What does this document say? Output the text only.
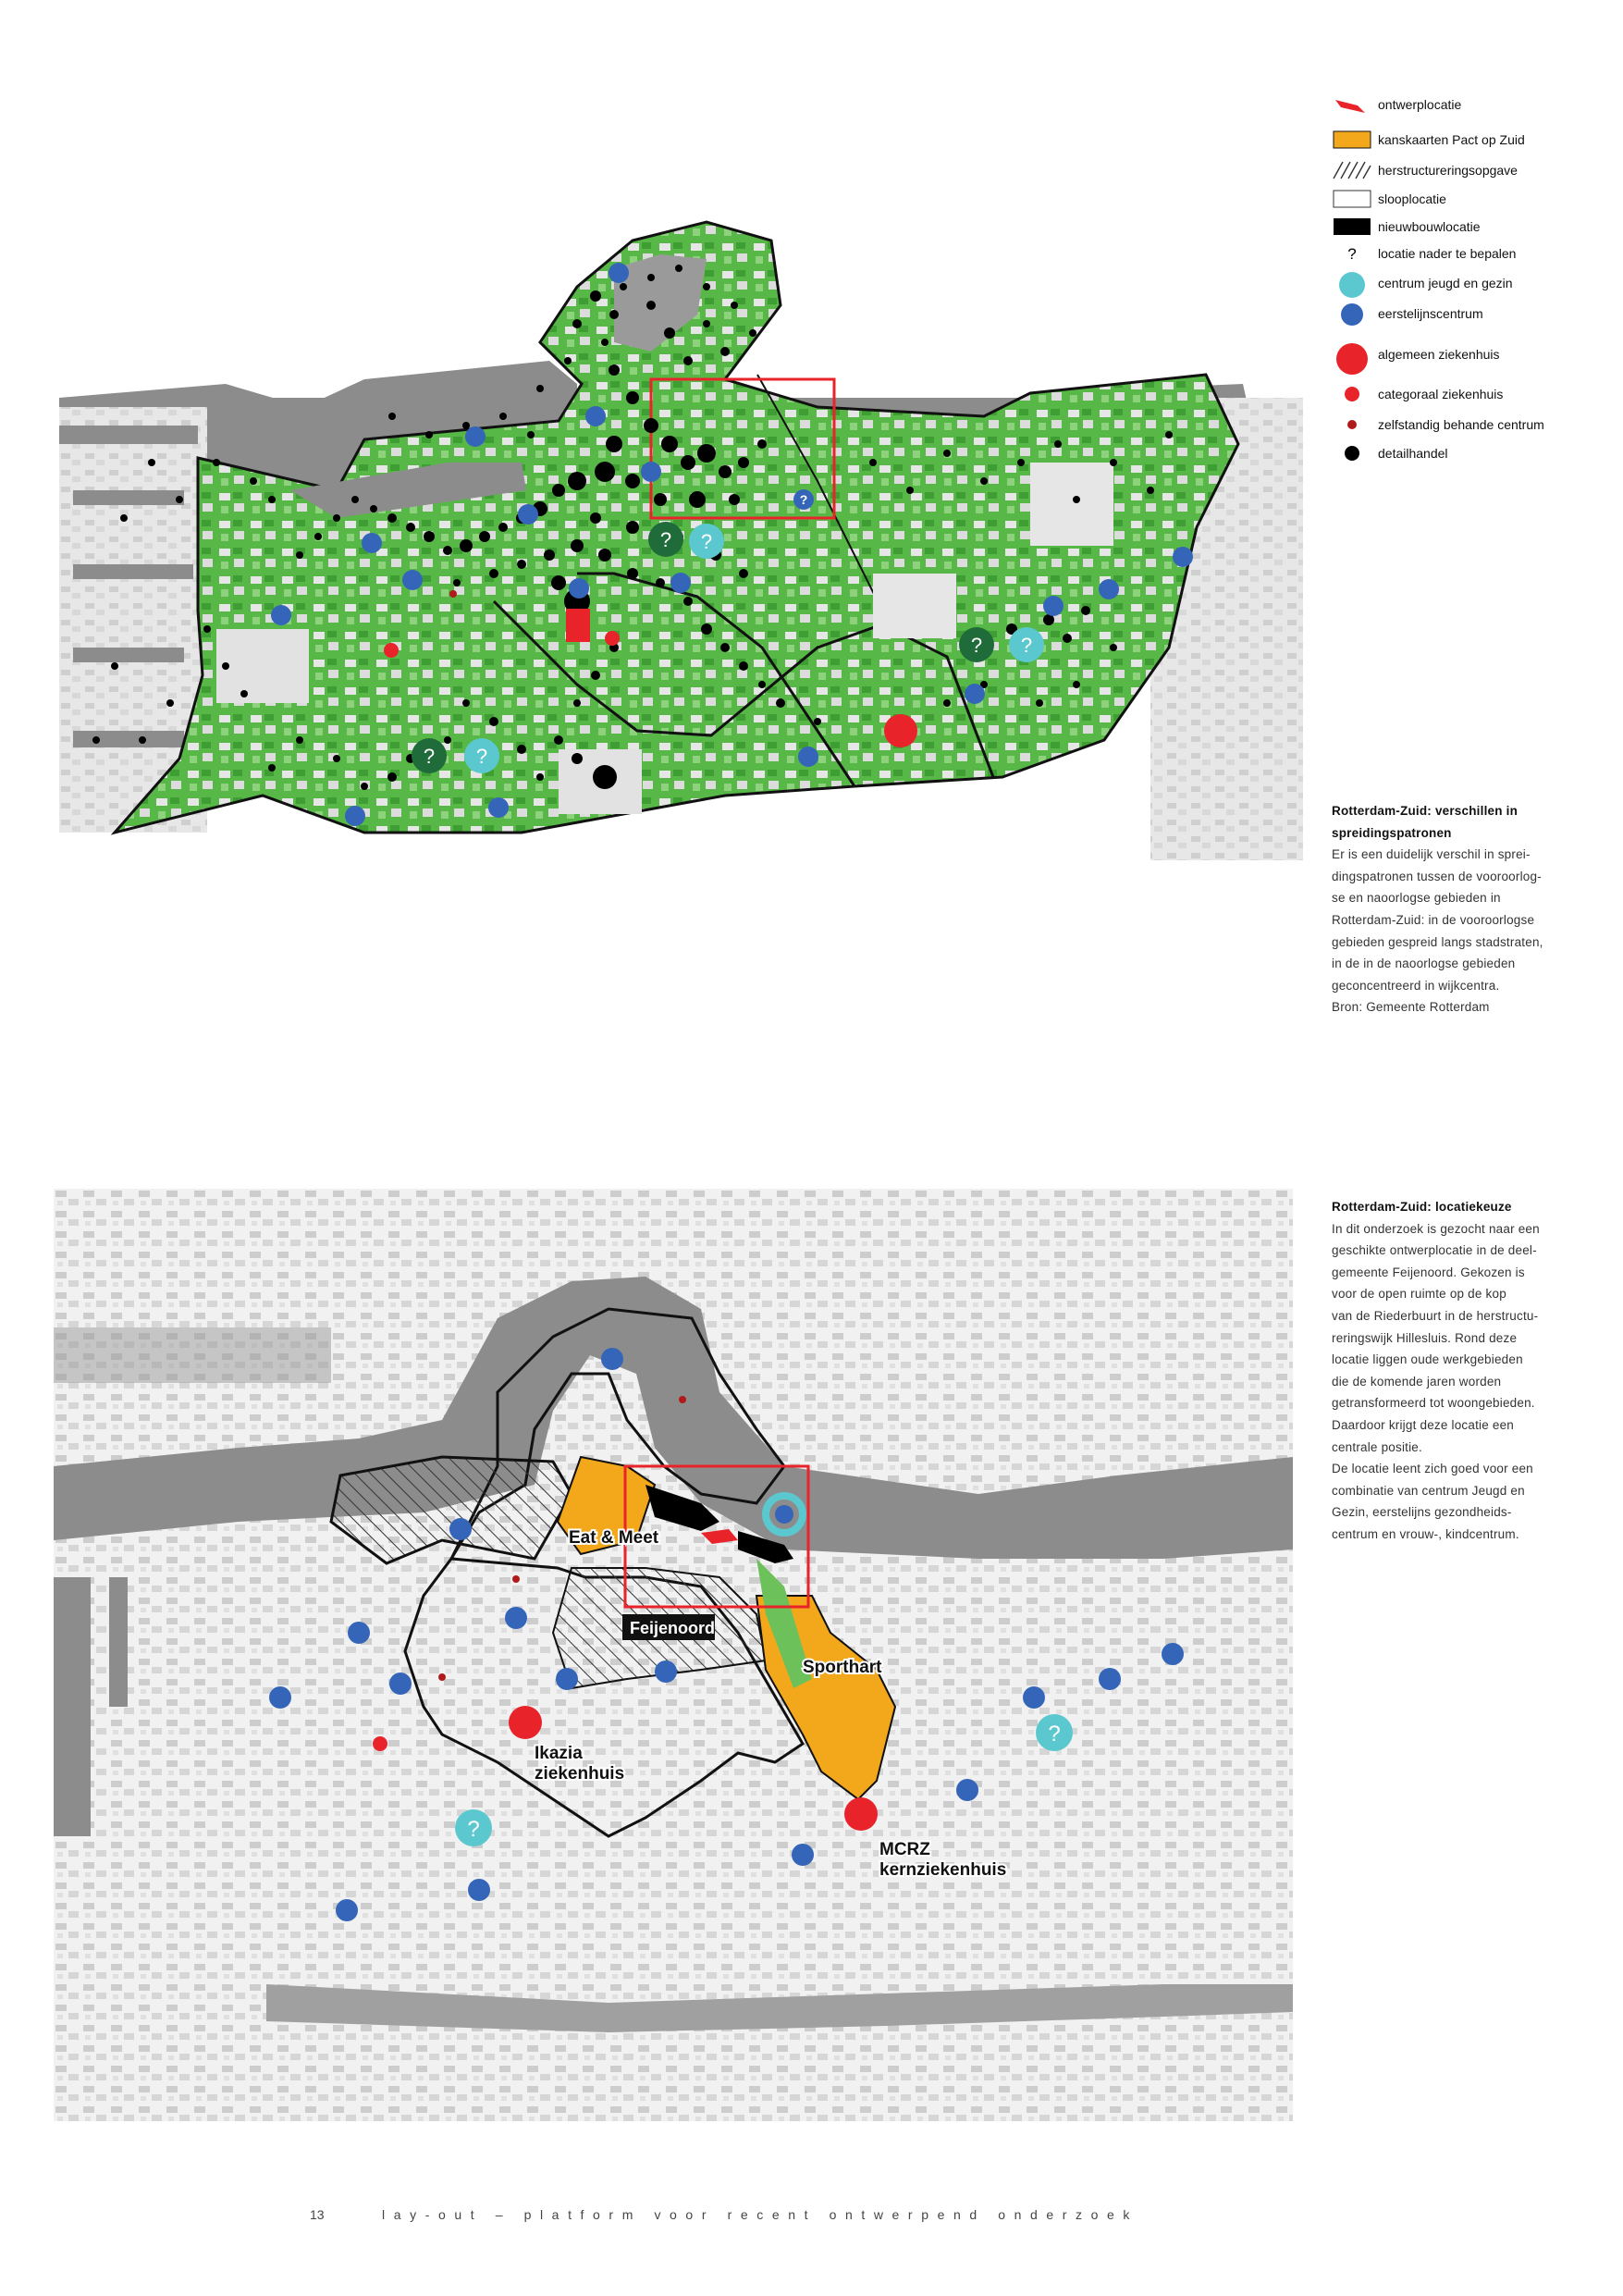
?
? ?
? ?
? ?
ontwerplocatie
kanskaarten Pact op Zuid
herstructureringsopgave
slooplocatie
nieuwbouwlocatie
? locatie nader te bepalen
centrum jeugd en gezin
eerstelijnscentrum
algemeen ziekenhuis
categoraal ziekenhuis
zelfstandig behande centrum
detailhandel

Rotterdam-Zuid: verschillen in

spreidingspatronen

Er is een duidelijk verschil in sprei-

dingspatronen tussen de vooroorlog-

se en naoorlogse gebieden in

Rotterdam-Zuid: in de vooroorlogse

gebieden gespreid langs stadstraten,

in de in de naoorlogse gebieden

geconcentreerd in wijkcentra.

Bron: Gemeente Rotterdam

?
?
Eat & Meet
Sporthart
Ikazia
ziekenhuis
MCRZ
kernziekenhuis
Feijenoord

Rotterdam-Zuid: locatiekeuze

In dit onderzoek is gezocht naar een

geschikte ontwerplocatie in de deel-

gemeente Feijenoord. Gekozen is

voor de open ruimte op de kop

van de Riederbuurt in de herstructu-

reringswijk Hillesluis. Rond deze

locatie liggen oude werkgebieden

die de komende jaren worden

getransformeerd tot woongebieden.

Daardoor krijgt deze locatie een

centrale positie.

De locatie leent zich goed voor een

combinatie van centrum Jeugd en

Gezin, eerstelijns gezondheids-

centrum en vrouw-, kindcentrum.

13	lay-out – platform voor recent ontwerpend onderzoek
